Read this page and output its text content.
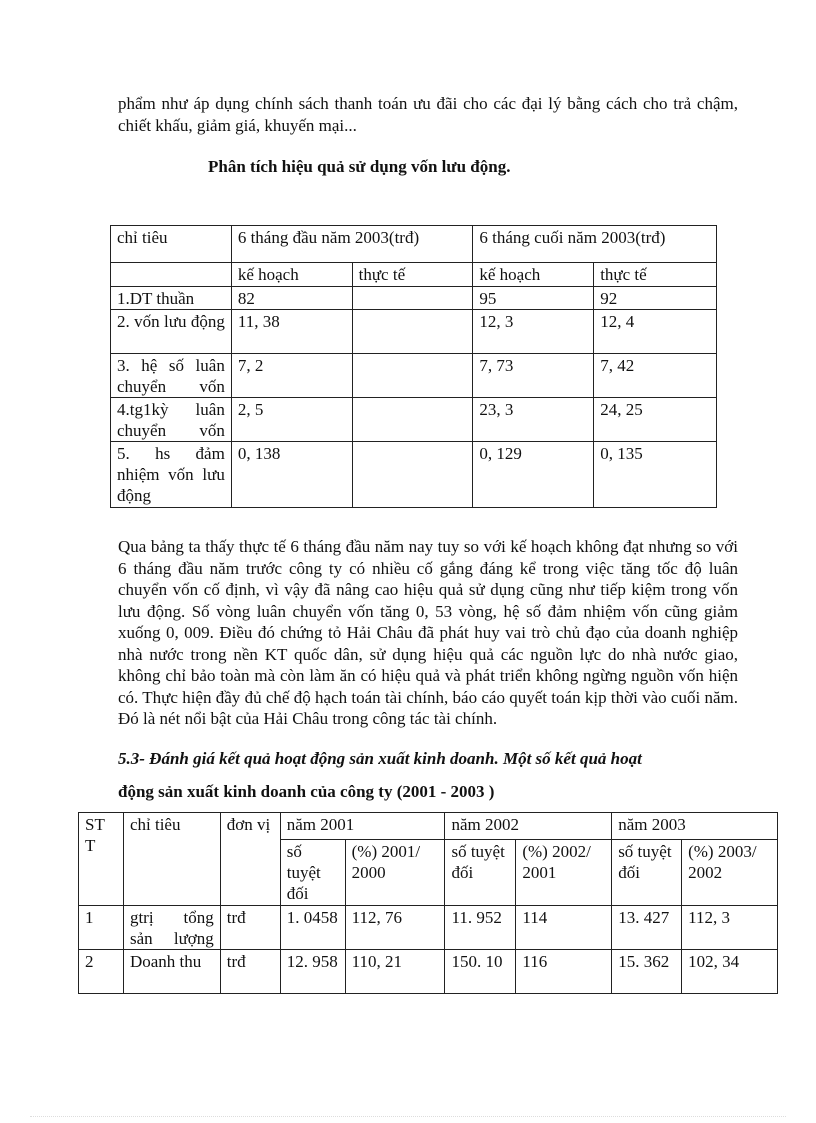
phẩm như áp dụng chính sách thanh toán ưu đãi cho các đại lý bằng cách cho trả chậm, chiết khấu, giảm giá, khuyến mại...
Phân tích hiệu quả sử dụng vốn lưu động.
chỉ tiêu	6 tháng đầu năm 2003(trđ)		6 tháng cuối năm 2003(trđ)	
	kế hoạch	thực tế	kế hoạch	thực tế
1.DT thuần	82		95	92
2. vốn lưu động	11, 38		12, 3	12, 4
3. hệ số luân chuyển vốn	7, 2		7, 73	7, 42
4.tg1kỳ luân chuyển vốn	2, 5		23, 3	24, 25
5. hs đảm nhiệm vốn lưu động	0, 138		0, 129	0, 135
Qua bảng ta thấy thực tế 6 tháng đầu năm nay tuy so với kế hoạch không đạt nhưng so với 6 tháng đầu năm trước công ty có nhiều cố gắng đáng kể trong việc tăng tốc độ luân chuyển vốn cố định, vì vậy đã nâng cao hiệu quả sử dụng cũng như tiếp kiệm trong vốn lưu động. Số vòng luân chuyển vốn tăng 0, 53 vòng, hệ số đảm nhiệm vốn cũng giảm xuống 0, 009. Điều đó chứng tỏ Hải Châu đã phát huy vai trò chủ đạo của doanh nghiệp nhà nước trong nền KT quốc dân, sử dụng hiệu quả các nguồn lực do nhà nước giao, không chỉ bảo toàn mà còn làm ăn có hiệu quả và phát triển không ngừng nguồn vốn hiện có. Thực hiện đầy đủ chế độ hạch toán tài chính, báo cáo quyết toán kịp thời vào cuối năm. Đó là nét nổi bật của Hải Châu trong công tác tài chính.
5.3- Đánh giá kết quả hoạt động sản xuất kinh doanh. Một số kết quả hoạt
động sản xuất kinh doanh của công ty (2001 - 2003 )
ST T	chỉ tiêu	đơn vị	năm 2001		năm 2002		năm 2003	
			số tuyệt đối	(%) 2001/ 2000	số tuyệt đối	(%) 2002/ 2001	số tuyệt đối	(%) 2003/ 2002
1	gtrị tổng sản lượng	trđ	1. 0458	112, 76	11. 952	114	13. 427	112, 3
2	Doanh thu	trđ	12. 958	110, 21	150. 10	116	15. 362	102, 34
